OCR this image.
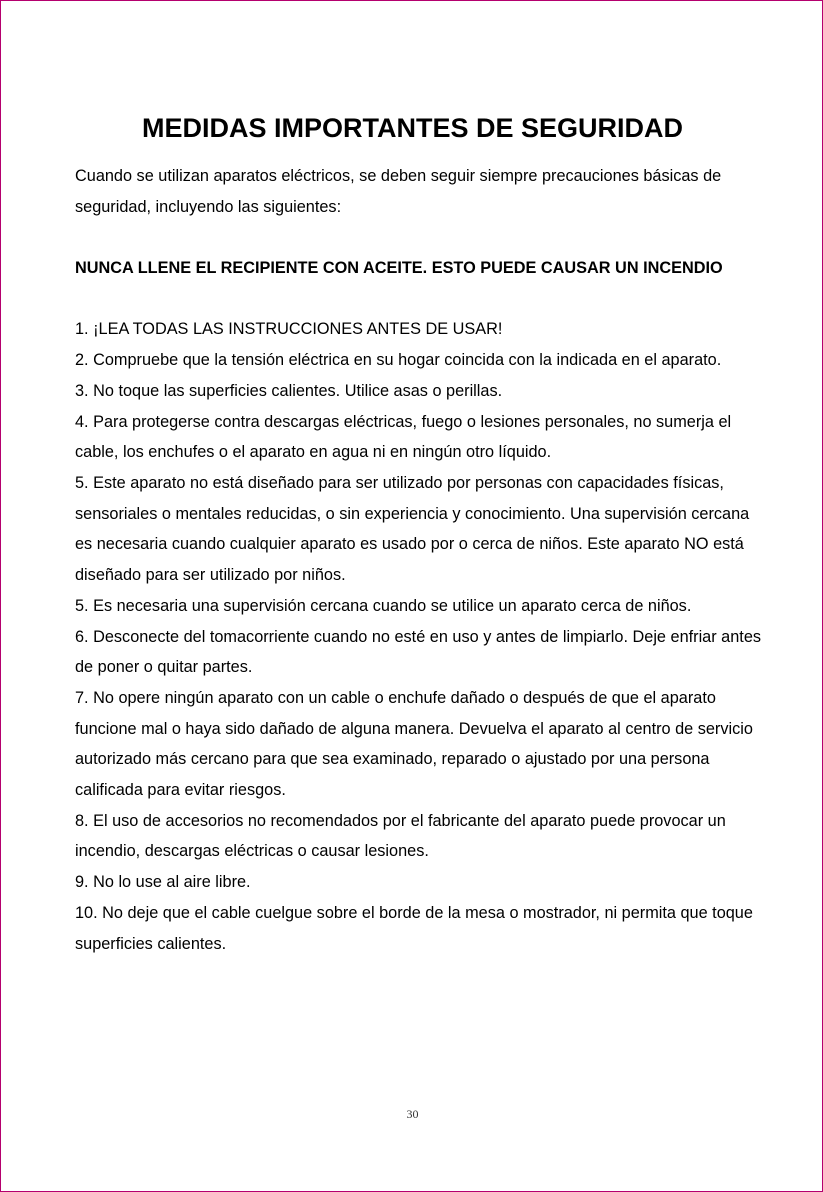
MEDIDAS IMPORTANTES DE SEGURIDAD

Cuando se utilizan aparatos eléctricos, se deben seguir siempre precauciones básicas de seguridad, incluyendo las siguientes:

NUNCA LLENE EL RECIPIENTE CON ACEITE. ESTO PUEDE CAUSAR UN INCENDIO

1. ¡LEA TODAS LAS INSTRUCCIONES ANTES DE USAR!

2. Compruebe que la tensión eléctrica en su hogar coincida con la indicada en el aparato.

3. No toque las superficies calientes. Utilice asas o perillas.

4. Para protegerse contra descargas eléctricas, fuego o lesiones personales, no sumerja el cable, los enchufes o el aparato en agua ni en ningún otro líquido.

5. Este aparato no está diseñado para ser utilizado por personas con capacidades físicas, sensoriales o mentales reducidas, o sin experiencia y conocimiento. Una supervisión cercana es necesaria cuando cualquier aparato es usado por o cerca de niños. Este aparato NO está diseñado para ser utilizado por niños.

5. Es necesaria una supervisión cercana cuando se utilice un aparato cerca de niños.

6. Desconecte del tomacorriente cuando no esté en uso y antes de limpiarlo. Deje enfriar antes de poner o quitar partes.

7. No opere ningún aparato con un cable o enchufe dañado o después de que el aparato funcione mal o haya sido dañado de alguna manera. Devuelva el aparato al centro de servicio autorizado más cercano para que sea examinado, reparado o ajustado por una persona calificada para evitar riesgos.

8. El uso de accesorios no recomendados por el fabricante del aparato puede provocar un incendio, descargas eléctricas o causar lesiones.

9. No lo use al aire libre.

10. No deje que el cable cuelgue sobre el borde de la mesa o mostrador, ni permita que toque superficies calientes.

30
